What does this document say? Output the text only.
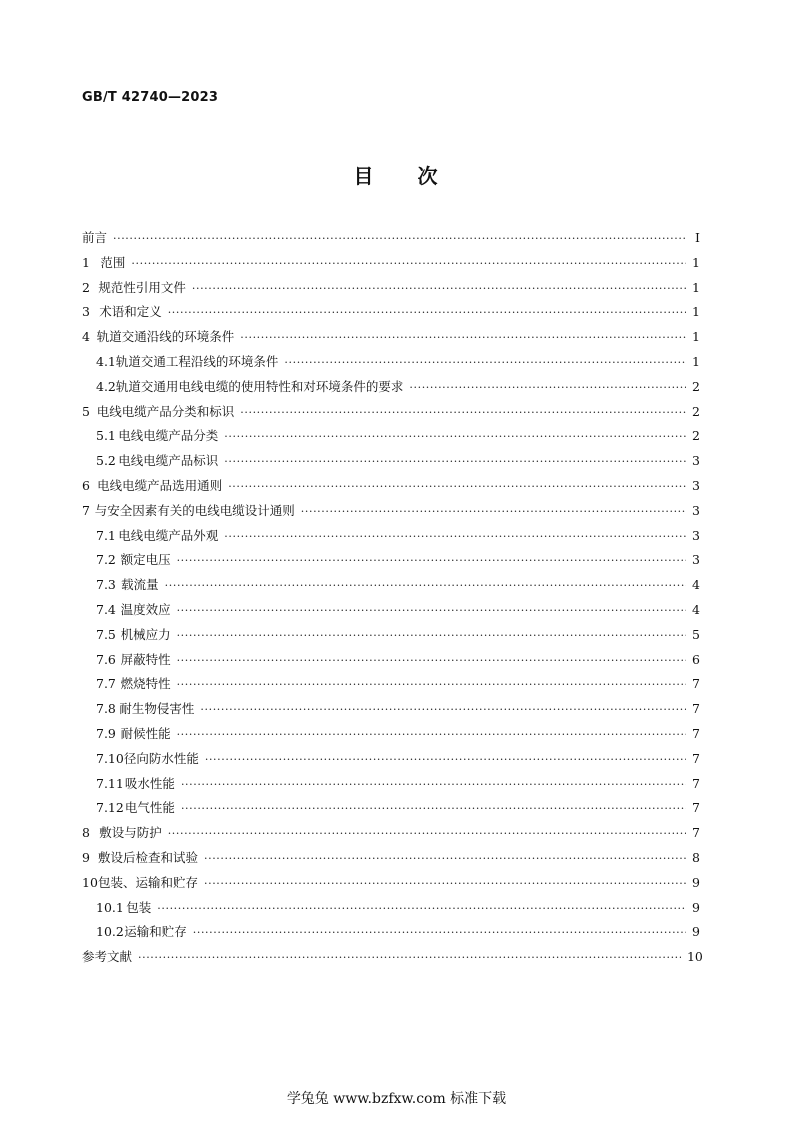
GB/T 42740—2023
目 次
前言 ·····	I
1 范围 ·····	1
2 规范性引用文件 ·····	1
3 术语和定义 ·····	1
4 轨道交通沿线的环境条件 ·····	1
4.1 轨道交通工程沿线的环境条件 ·····	1
4.2 轨道交通用电线电缆的使用特性和对环境条件的要求 ·····	2
5 电线电缆产品分类和标识 ·····	2
5.1 电线电缆产品分类 ·····	2
5.2 电线电缆产品标识 ·····	3
6 电线电缆产品选用通则 ·····	3
7 与安全因素有关的电线电缆设计通则 ·····	3
7.1 电线电缆产品外观 ·····	3
7.2 额定电压 ·····	3
7.3 载流量 ·····	4
7.4 温度效应 ·····	4
7.5 机械应力 ·····	5
7.6 屏蔽特性 ·····	6
7.7 燃烧特性 ·····	7
7.8 耐生物侵害性 ·····	7
7.9 耐候性能 ·····	7
7.10 径向防水性能 ·····	7
7.11 吸水性能 ·····	7
7.12 电气性能 ·····	7
8 敷设与防护 ·····	7
9 敷设后检查和试验 ·····	8
10 包装、运输和贮存 ·····	9
10.1 包装 ·····	9
10.2 运输和贮存 ·····	9
参考文献 ·····	10
学兔兔 www.bzfxw.com 标准下载
